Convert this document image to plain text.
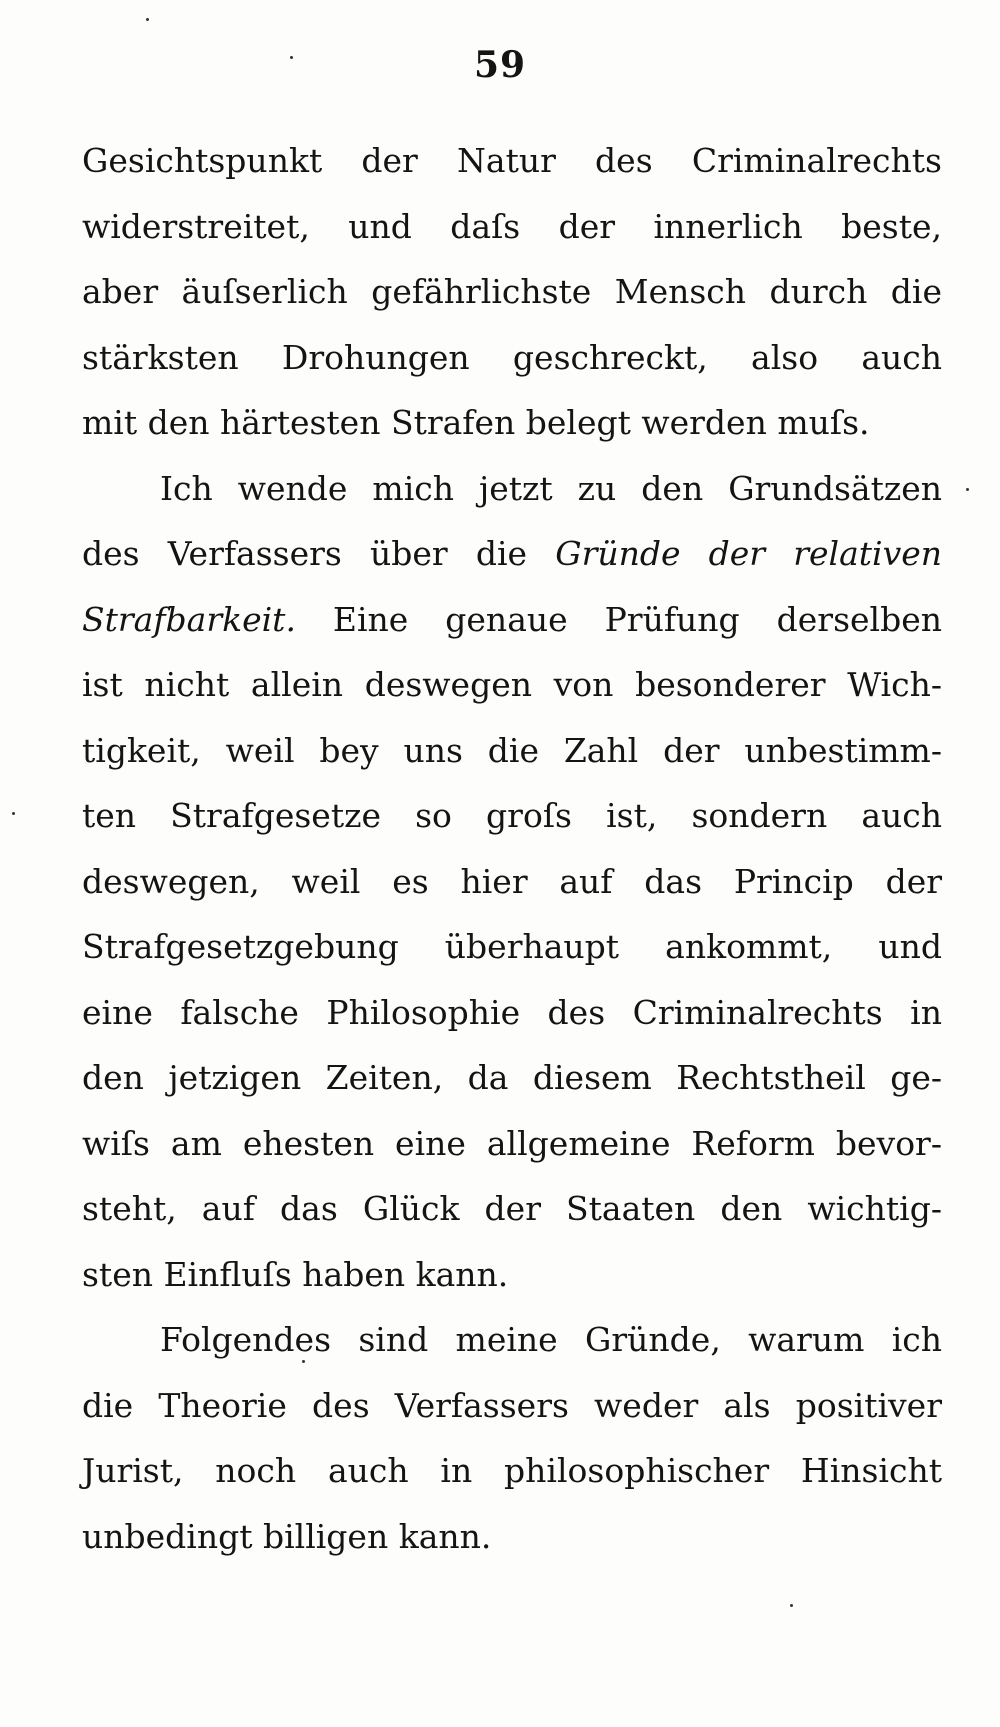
59
Gesichtspunkt der Natur des Criminalrechts
widerstreitet, und daſs der innerlich beste,
aber äuſserlich gefährlichste Mensch durch die
stärksten Drohungen geschreckt, also auch
mit den härtesten Strafen belegt werden muſs.
Ich wende mich jetzt zu den Grundsätzen
des Verfassers über die Gründe der relativen
Strafbarkeit. Eine genaue Prüfung derselben
ist nicht allein deswegen von besonderer Wich-
tigkeit, weil bey uns die Zahl der unbestimm-
ten Strafgesetze so groſs ist, sondern auch
deswegen, weil es hier auf das Princip der
Strafgesetzgebung überhaupt ankommt, und
eine falsche Philosophie des Criminalrechts in
den jetzigen Zeiten, da diesem Rechtstheil ge-
wiſs am ehesten eine allgemeine Reform bevor-
steht, auf das Glück der Staaten den wichtig-
sten Einfluſs haben kann.
Folgendes sind meine Gründe, warum ich
die Theorie des Verfassers weder als positiver
Jurist, noch auch in philosophischer Hinsicht
unbedingt billigen kann.
